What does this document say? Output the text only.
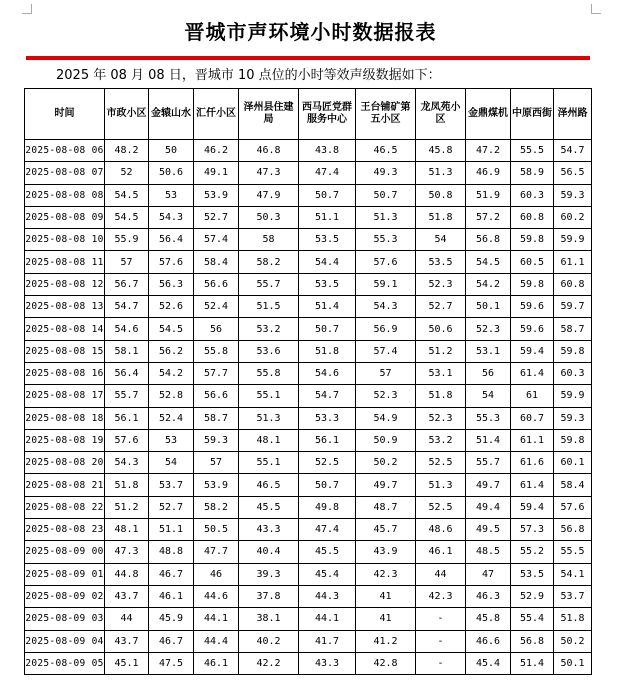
晋城市声环境小时数据报表
2025 年 08 月 08 日，晋城市 10 点位的小时等效声级数据如下：
时间	市政小区	金辕山水	汇仟小区	泽州县住建局	西马匠党群服务中心	王台铺矿第五小区	龙凤苑小区	金鼎煤机	中原西街	泽州路
2025-08-08 06	48.2	50	46.2	46.8	43.8	46.5	45.8	47.2	55.5	54.7
2025-08-08 07	52	50.6	49.1	47.3	47.4	49.3	51.3	46.9	58.9	56.5
2025-08-08 08	54.5	53	53.9	47.9	50.7	50.7	50.8	51.9	60.3	59.3
2025-08-08 09	54.5	54.3	52.7	50.3	51.1	51.3	51.8	57.2	60.8	60.2
2025-08-08 10	55.9	56.4	57.4	58	53.5	55.3	54	56.8	59.8	59.9
2025-08-08 11	57	57.6	58.4	58.2	54.4	57.6	53.5	54.5	60.5	61.1
2025-08-08 12	56.7	56.3	56.6	55.7	53.5	59.1	52.3	54.2	59.8	60.8
2025-08-08 13	54.7	52.6	52.4	51.5	51.4	54.3	52.7	50.1	59.6	59.7
2025-08-08 14	54.6	54.5	56	53.2	50.7	56.9	50.6	52.3	59.6	58.7
2025-08-08 15	58.1	56.2	55.8	53.6	51.8	57.4	51.2	53.1	59.4	59.8
2025-08-08 16	56.4	54.2	57.7	55.8	54.6	57	53.1	56	61.4	60.3
2025-08-08 17	55.7	52.8	56.6	55.1	54.7	52.3	51.8	54	61	59.9
2025-08-08 18	56.1	52.4	58.7	51.3	53.3	54.9	52.3	55.3	60.7	59.3
2025-08-08 19	57.6	53	59.3	48.1	56.1	50.9	53.2	51.4	61.1	59.8
2025-08-08 20	54.3	54	57	55.1	52.5	50.2	52.5	55.7	61.6	60.1
2025-08-08 21	51.8	53.7	53.9	46.5	50.7	49.7	51.3	49.7	61.4	58.4
2025-08-08 22	51.2	52.7	58.2	45.5	49.8	48.7	52.5	49.4	59.4	57.6
2025-08-08 23	48.1	51.1	50.5	43.3	47.4	45.7	48.6	49.5	57.3	56.8
2025-08-09 00	47.3	48.8	47.7	40.4	45.5	43.9	46.1	48.5	55.2	55.5
2025-08-09 01	44.8	46.7	46	39.3	45.4	42.3	44	47	53.5	54.1
2025-08-09 02	43.7	46.1	44.6	37.8	44.3	41	42.3	46.3	52.9	53.7
2025-08-09 03	44	45.9	44.1	38.1	44.1	41	-	45.8	55.4	51.8
2025-08-09 04	43.7	46.7	44.4	40.2	41.7	41.2	-	46.6	56.8	50.2
2025-08-09 05	45.1	47.5	46.1	42.2	43.3	42.8	-	45.4	51.4	50.1
